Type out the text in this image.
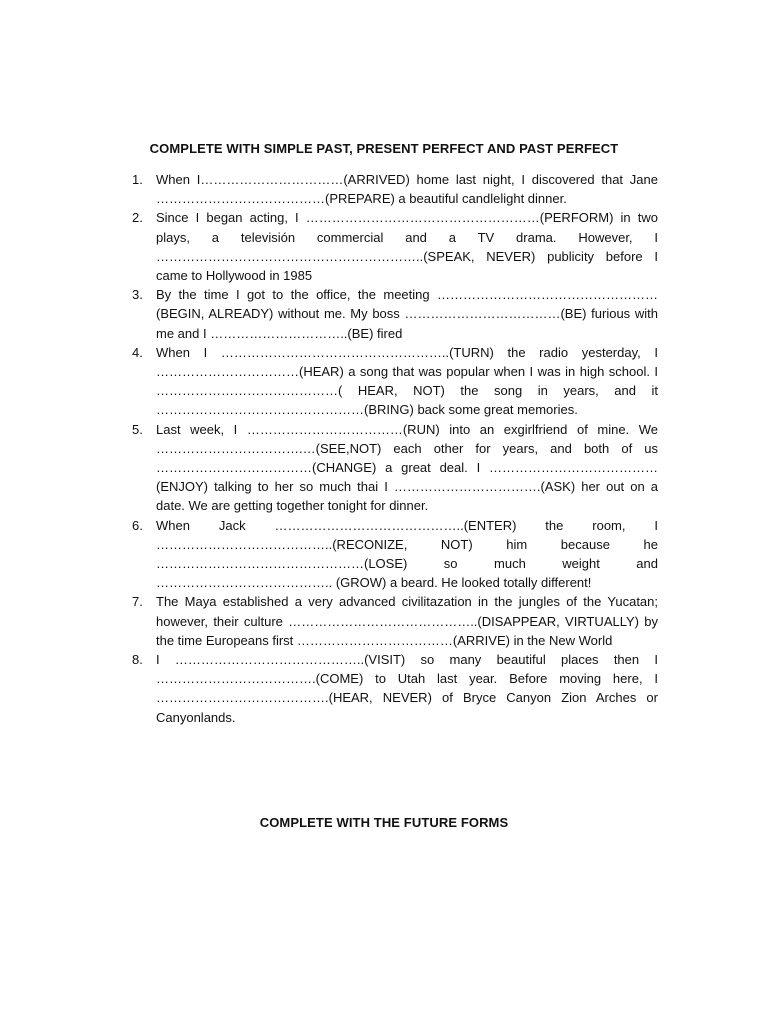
COMPLETE WITH SIMPLE PAST, PRESENT PERFECT AND PAST PERFECT
1.	When I……………………………(ARRIVED) home last night, I discovered that Jane …………………………………(PREPARE) a beautiful candlelight dinner.
2.	Since I began acting, I ………………………………………………(PERFORM) in two plays, a televisión commercial and a TV drama. However, I ……………………………………………………..(SPEAK, NEVER) publicity before I came to Hollywood in 1985
3.	By the time I got to the office, the meeting ……………………………………………(BEGIN, ALREADY) without me. My boss ………………………………(BE) furious with me and I …………………………..(BE) fired
4.	When I ……………………………………………..(TURN) the radio yesterday, I ……………………………(HEAR) a song that was popular when I was in high school. I ……………………………………( HEAR, NOT) the song in years, and it …………………………………………(BRING) back some great memories.
5.	Last week, I ………………………………(RUN) into an exgirlfriend of mine. We …………………………….…(SEE,NOT) each other for years, and both of us ………………………………(CHANGE) a great deal. I …………………………………(ENJOY) talking to her so much thai I …………………………….(ASK) her out on a date. We are getting together tonight for dinner.
6.	When Jack ……………………………………..(ENTER) the room, I …………………………………..(RECONIZE, NOT) him because he …………………………………………(LOSE) so much weight and ………………………………….. (GROW) a beard. He looked totally different!
7.	The Maya established a very advanced civilitazation in the jungles of the Yucatan; however, their culture ……………………………………..(DISAPPEAR, VIRTUALLY) by the time Europeans first ………………………………(ARRIVE) in the New World
8.	I ……………………………………..(VISIT) so many beautiful places then I ……………………………….(COME) to Utah last year. Before moving here, I ………………………………….(HEAR, NEVER) of Bryce Canyon Zion Arches or Canyonlands.
COMPLETE WITH THE FUTURE FORMS
